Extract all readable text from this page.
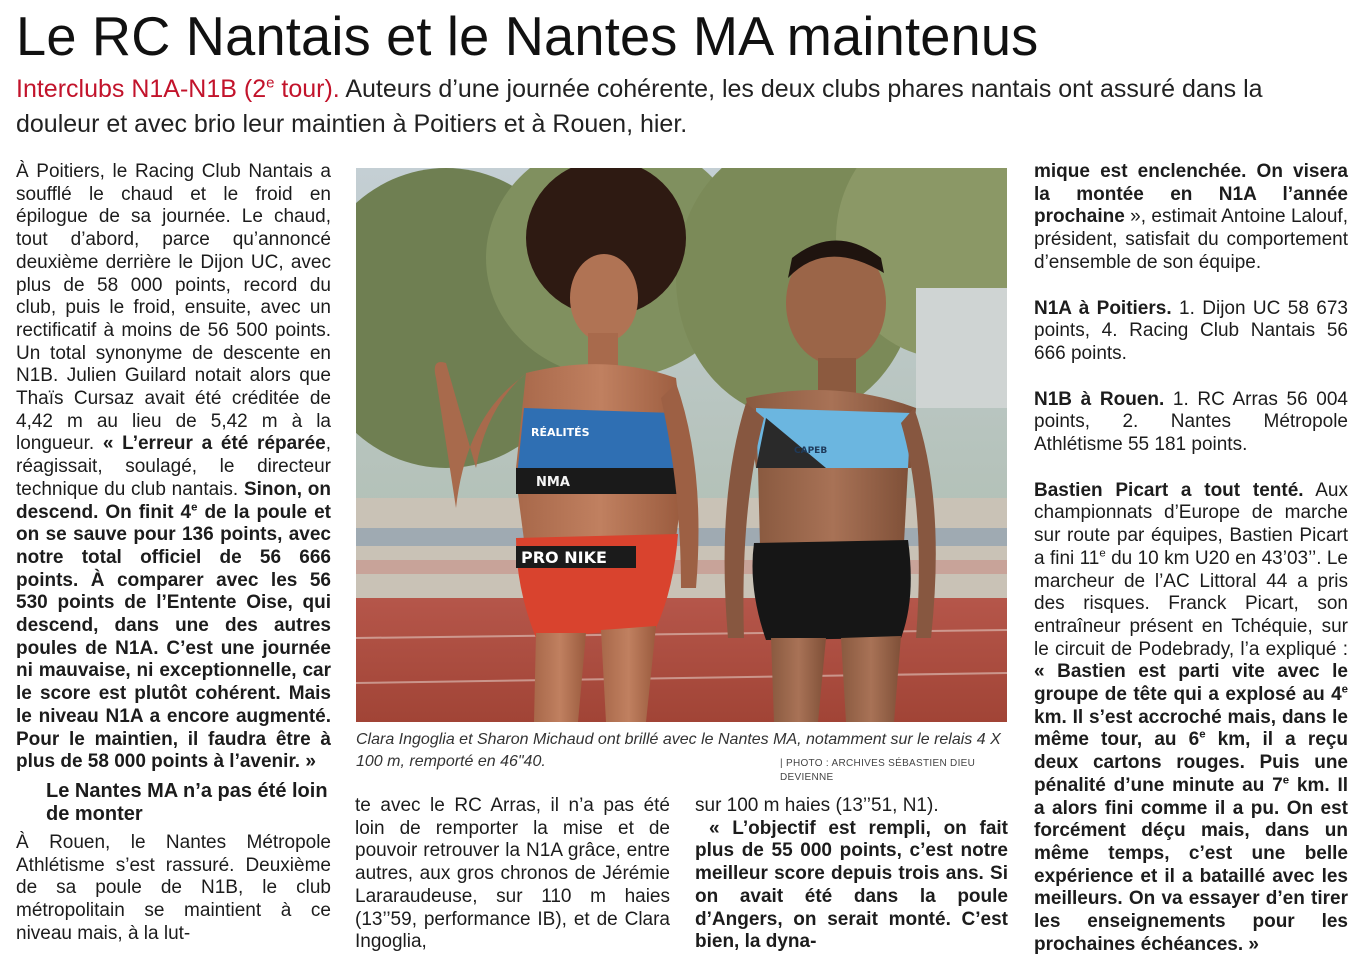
Le RC Nantais et le Nantes MA maintenus

Interclubs N1A-N1B (2e tour). Auteurs d’une journée cohérente, les deux clubs phares nantais ont assuré dans la douleur et avec brio leur maintien à Poitiers et à Rouen, hier.

À Poitiers, le Racing Club Nantais a soufflé le chaud et le froid en épilogue de sa journée. Le chaud, tout d’abord, parce qu’annoncé deuxième derrière le Dijon UC, avec plus de 58 000 points, record du club, puis le froid, ensuite, avec un rectificatif à moins de 56 500 points. Un total synonyme de descente en N1B. Julien Guilard notait alors que Thaïs Cursaz avait été créditée de 4,42 m au lieu de 5,42 m à la longueur. « L’erreur a été réparée, réagissait, soulagé, le directeur technique du club nantais. Sinon, on descend. On finit 4e de la poule et on se sauve pour 136 points, avec notre total officiel de 56 666 points. À comparer avec les 56 530 points de l’Entente Oise, qui descend, dans une des autres poules de N1A. C’est une journée ni mauvaise, ni exceptionnelle, car le score est plutôt cohérent. Mais le niveau N1A a encore augmenté. Pour le maintien, il faudra être à plus de 58 000 points à l’avenir. »

Le Nantes MA n’a pas été loin de monter

À Rouen, le Nantes Métropole Athlétisme s’est rassuré. Deuxième de sa poule de N1B, le club métropolitain se maintient à ce niveau mais, à la lut-

NMA
RÉALITÉS
PRO NIKE
CAPEB
Clara Ingoglia et Sharon Michaud ont brillé avec le Nantes MA, notamment sur le relais 4 X 100 m, remporté en 46"40.	| PHOTO : ARCHIVES SÉBASTIEN DIEU DEVIENNE

te avec le RC Arras, il n’a pas été loin de remporter la mise et de pouvoir retrouver la N1A grâce, entre autres, aux gros chronos de Jérémie Lararaudeuse, sur 110 m haies (13’’59, performance IB), et de Clara Ingoglia,

sur 100 m haies (13’’51, N1).

« L’objectif est rempli, on fait plus de 55 000 points, c’est notre meilleur score depuis trois ans. Si on avait été dans la poule d’Angers, on serait monté. C’est bien, la dyna-

mique est enclenchée. On visera la montée en N1A l’année prochaine », estimait Antoine Lalouf, président, satisfait du comportement d’ensemble de son équipe.

N1A à Poitiers. 1. Dijon UC 58 673 points, 4. Racing Club Nantais 56 666 points.

N1B à Rouen. 1. RC Arras 56 004 points, 2. Nantes Métropole Athlétisme 55 181 points.

Bastien Picart a tout tenté. Aux championnats d’Europe de marche sur route par équipes, Bastien Picart a fini 11e du 10 km U20 en 43’03’’. Le marcheur de l’AC Littoral 44 a pris des risques. Franck Picart, son entraîneur présent en Tchéquie, sur le circuit de Podebrady, l’a expliqué : « Bastien est parti vite avec le groupe de tête qui a explosé au 4e km. Il s’est accroché mais, dans le même tour, au 6e km, il a reçu deux cartons rouges. Puis une pénalité d’une minute au 7e km. Il a alors fini comme il a pu. On est forcément déçu mais, dans un même temps, c’est une belle expérience et il a bataillé avec les meilleurs. On va essayer d’en tirer les enseignements pour les prochaines échéances. »
